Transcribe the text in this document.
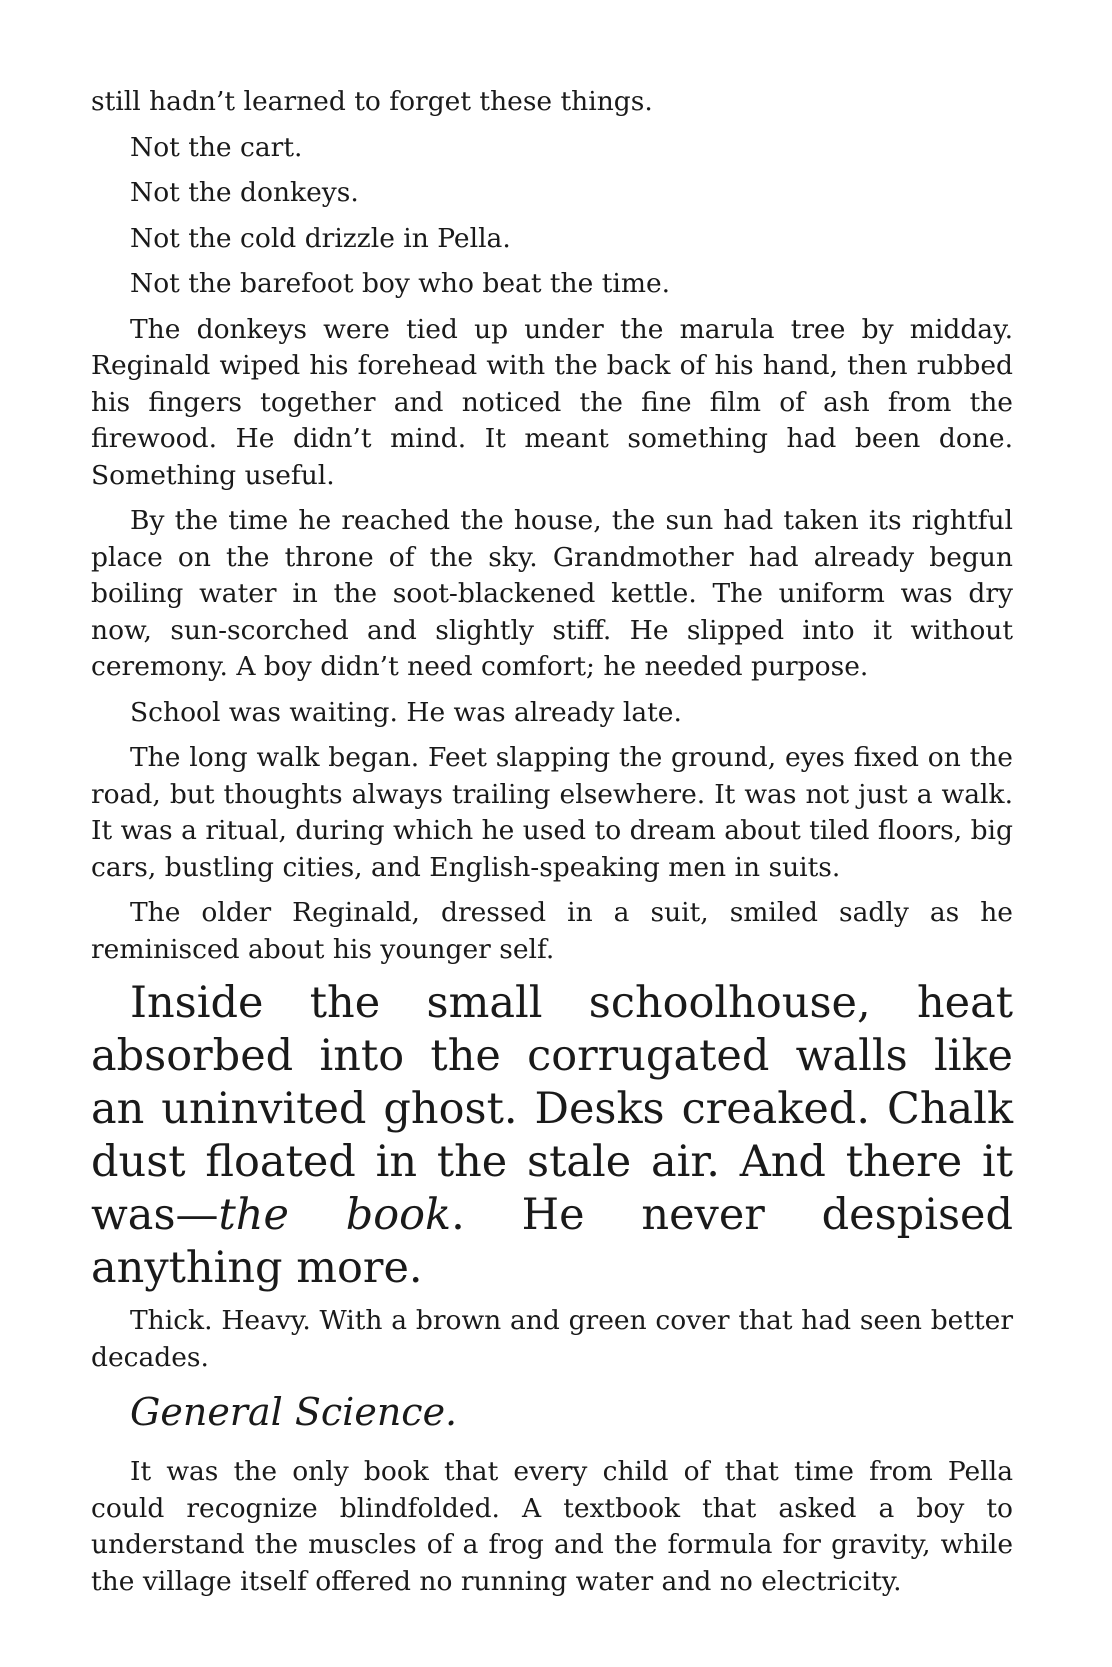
still hadn’t learned to forget these things.

Not the cart.

Not the donkeys.

Not the cold drizzle in Pella.

Not the barefoot boy who beat the time.

The donkeys were tied up under the marula tree by midday. Reginald wiped his forehead with the back of his hand, then rubbed his fingers together and noticed the fine film of ash from the firewood. He didn’t mind. It meant something had been done. Something useful.

By the time he reached the house, the sun had taken its rightful place on the throne of the sky. Grandmother had already begun boiling water in the soot-blackened kettle. The uniform was dry now, sun-scorched and slightly stiff. He slipped into it without ceremony. A boy didn’t need comfort; he needed purpose.

School was waiting. He was already late.

The long walk began. Feet slapping the ground, eyes fixed on the road, but thoughts always trailing elsewhere. It was not just a walk. It was a ritual, during which he used to dream about tiled floors, big cars, bustling cities, and English-speaking men in suits.

The older Reginald, dressed in a suit, smiled sadly as he reminisced about his younger self.

Inside the small schoolhouse, heat absorbed into the corrugated walls like an uninvited ghost. Desks creaked. Chalk dust floated in the stale air. And there it was—the book. He never despised anything more.

Thick. Heavy. With a brown and green cover that had seen better decades.

General Science.

It was the only book that every child of that time from Pella could recognize blindfolded. A textbook that asked a boy to understand the muscles of a frog and the formula for gravity, while the village itself offered no running water and no electricity.
